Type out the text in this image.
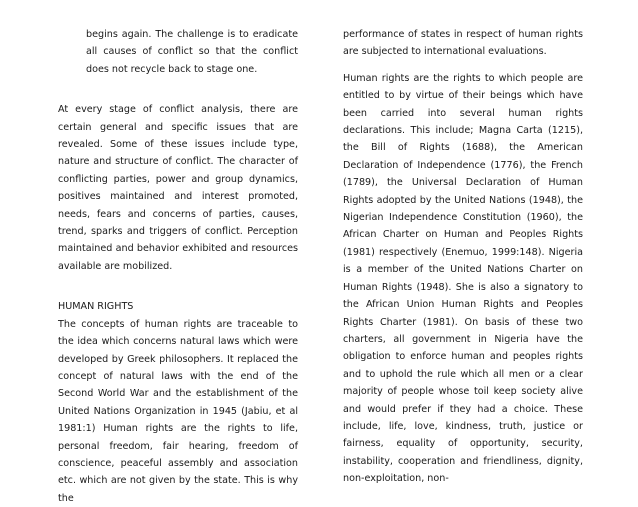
begins again. The challenge is to eradicate all causes of conflict so that the conflict does not recycle back to stage one.

At every stage of conflict analysis, there are certain general and specific issues that are revealed. Some of these issues include type, nature and structure of conflict. The character of conflicting parties, power and group dynamics, positives maintained and interest promoted, needs, fears and concerns of parties, causes, trend, sparks and triggers of conflict. Perception maintained and behavior exhibited and resources available are mobilized.

HUMAN RIGHTS

The concepts of human rights are traceable to the idea which concerns natural laws which were developed by Greek philosophers. It replaced the concept of natural laws with the end of the Second World War and the establishment of the United Nations Organization in 1945 (Jabiu, et al 1981:1) Human rights are the rights to life, personal freedom, fair hearing, freedom of conscience, peaceful assembly and association etc. which are not given by the state. This is why the

performance of states in respect of human rights are subjected to international evaluations.

Human rights are the rights to which people are entitled to by virtue of their beings which have been carried into several human rights declarations. This include; Magna Carta (1215), the Bill of Rights (1688), the American Declaration of Independence (1776), the French (1789), the Universal Declaration of Human Rights adopted by the United Nations (1948), the Nigerian Independence Constitution (1960), the African Charter on Human and Peoples Rights (1981) respectively (Enemuo, 1999:148). Nigeria is a member of the United Nations Charter on Human Rights (1948). She is also a signatory to the African Union Human Rights and Peoples Rights Charter (1981). On basis of these two charters, all government in Nigeria have the obligation to enforce human and peoples rights and to uphold the rule which all men or a clear majority of people whose toil keep society alive and would prefer if they had a choice. These include, life, love, kindness, truth, justice or fairness, equality of opportunity, security, instability, cooperation and friendliness, dignity, non-exploitation, non-
